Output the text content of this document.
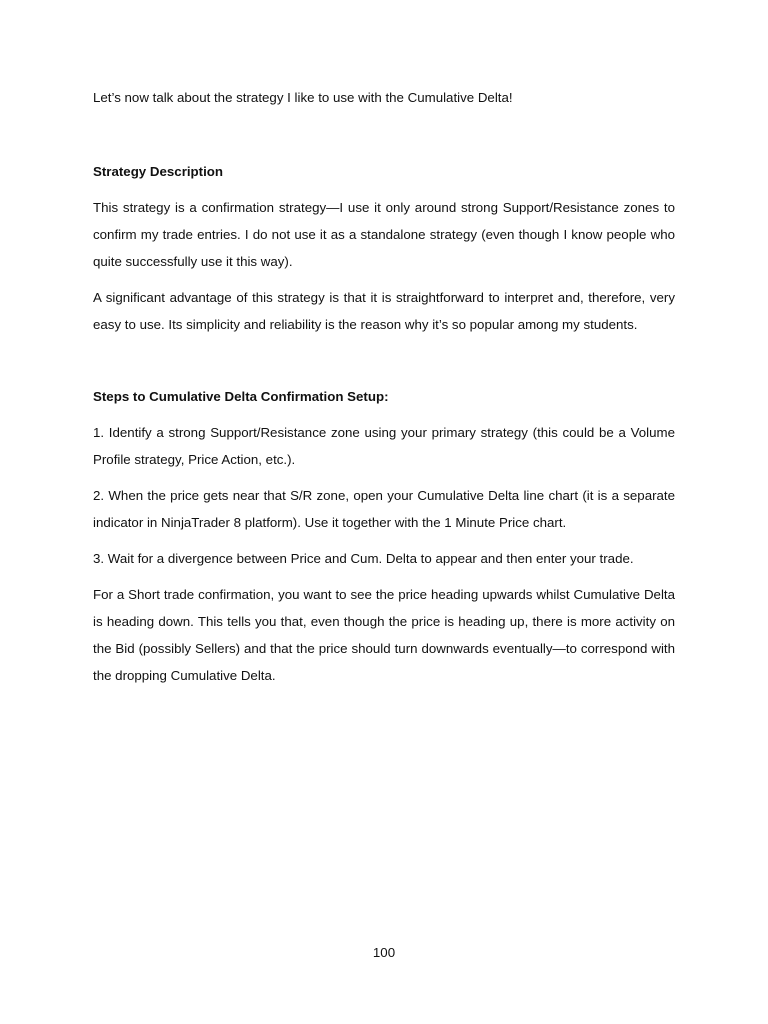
Let’s now talk about the strategy I like to use with the Cumulative Delta!

Strategy Description

This strategy is a confirmation strategy—I use it only around strong Support/Resistance zones to confirm my trade entries. I do not use it as a standalone strategy (even though I know people who quite successfully use it this way).

A significant advantage of this strategy is that it is straightforward to interpret and, therefore, very easy to use. Its simplicity and reliability is the reason why it’s so popular among my students.

Steps to Cumulative Delta Confirmation Setup:

1. Identify a strong Support/Resistance zone using your primary strategy (this could be a Volume Profile strategy, Price Action, etc.).

2. When the price gets near that S/R zone, open your Cumulative Delta line chart (it is a separate indicator in NinjaTrader 8 platform). Use it together with the 1 Minute Price chart.

3. Wait for a divergence between Price and Cum. Delta to appear and then enter your trade.

For a Short trade confirmation, you want to see the price heading upwards whilst Cumulative Delta is heading down. This tells you that, even though the price is heading up, there is more activity on the Bid (possibly Sellers) and that the price should turn downwards eventually—to correspond with the dropping Cumulative Delta.

100
